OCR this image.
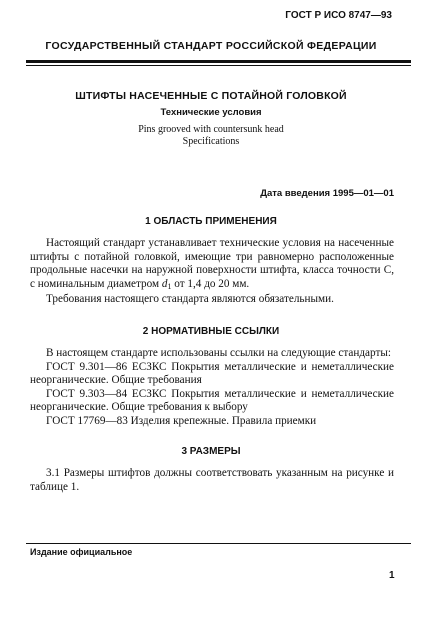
ГОСТ Р ИСО 8747—93
ГОСУДАРСТВЕННЫЙ СТАНДАРТ РОССИЙСКОЙ ФЕДЕРАЦИИ
ШТИФТЫ НАСЕЧЕННЫЕ С ПОТАЙНОЙ ГОЛОВКОЙ
Технические условия
Pins grooved with countersunk head
Specifications
Дата введения 1995—01—01
1 ОБЛАСТЬ ПРИМЕНЕНИЯ
Настоящий стандарт устанавливает технические условия на насеченные штифты с потайной головкой, имеющие три равномерно расположенные продольные насечки на наружной поверхности штифта, класса точности С, с номинальным диаметром $d_1$ от 1,4 до 20 мм.
Требования настоящего стандарта являются обязательными.
2 НОРМАТИВНЫЕ ССЫЛКИ
В настоящем стандарте использованы ссылки на следующие стандарты:
ГОСТ 9.301—86 ЕСЗКС Покрытия металлические и неметаллические неорганические. Общие требования
ГОСТ 9.303—84 ЕСЗКС Покрытия металлические и неметаллические неорганические. Общие требования к выбору
ГОСТ 17769—83 Изделия крепежные. Правила приемки
3 РАЗМЕРЫ
3.1 Размеры штифтов должны соответствовать указанным на рисунке и таблице 1.
Издание официальное
1
